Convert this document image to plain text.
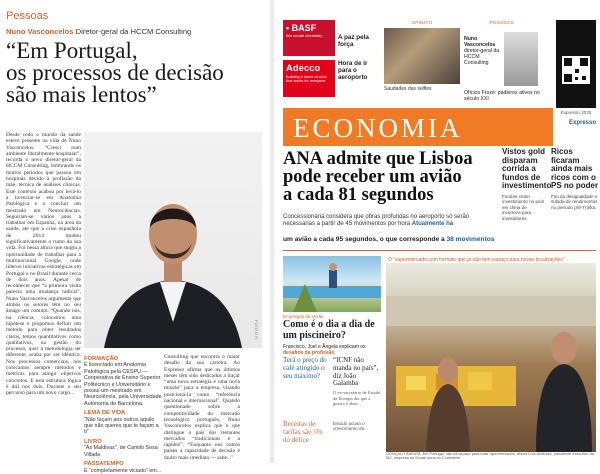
Pessoas
Nuno Vasconcelos Diretor-geral da HCCM Consulting
“Em Portugal,
os processos de decisão
são mais lentos”

Desde cedo o mundo da saúde esteve presente na vida de Nuno Vasconcelos. “Cresci num ambiente literalmente hospitalar”, recorda o novo diretor-geral da HCCM Consulting, lembrando os muitos períodos que passou em hospitais devido à profissão da mãe, técnica de análises clínicas. Este contexto acabou por levá-lo a licenciar-se em Anatomia Patológica e a concluir um mestrado em Neurociências. Seguiram-se vários anos a trabalhar em Espanha, na área da saúde, até que a crise espanhola de 2014 mudou significativamente o rumo da sua vida. Foi nessa altura que surgiu a oportunidade de trabalhar para a multinacional Google, onde liderou iniciativas estratégicas em Portugal e no Brasil durante cerca de dois anos. Apesar de reconhecer que “a primeira visita parecia uma mudança radical”, Nuno Vasconcelos argumenta que ambos os setores têm no seu âmago um comum. “Quando nós, na ciência, colocamos uma hipótese e propomos definir um método para obter resultados claros, temos quantitativos como qualitativos, na gestão do processo, quer a metodologia ser diferente, acaba por ser idêntico. Nos processos comerciais, nós colocamos sempre métodos e métricas para atingir objetivos concretos. E esta estrutura lógica é útil nos dois. Durante o seu percurso para um novo cargo...

FOTO D.R.
FORMAÇÃO

É licenciado em Anatomia Patológica pela CESPU — Cooperativa de Ensino Superior Politécnico e Universitário e possui um mestrado em Neurociência, pela Universidade Autónoma de Barcelona.

LEMA DE VIDA

“Não façam aos outros aquilo que não queres que te façam a ti”

LIVRO

“As Maldivas”, de Camilo Sosa Villada

PASSATEMPO

É “completamente viciado” em...

Consulting que encontra o maior desafio da sua carreira. Ao Expresso afirma que os últimos meses têm sido dedicados a traçar “uma nova estratégia e uma nova missão” para a empresa, visando posicioná-la como “referência nacional e internacional”. Quando questionado sobre a competitividade do mercado tecnológico português, Nuno Vasconcelos explica que o que distingue o país dos restantes mercados “tradicionais é a rapidez”. “Enquanto nos outros países a capacidade de decisão é muito mais imediata — sabe...”

• BASF
We create chemistry
Adecco
Building a future of work that works for everyone
A paz pela força
Hora de ir para o aeroporto
OPINIÃO
Saudades das selfies
PESSOAS
Nuno Vasconcelos
diretor-geral da HCCM Consulting
Ofícios Frozé: padeiros ativos no século XXI
Expresso 2025
ECONOMIA	Expresso
ANA admite que Lisboa
pode receber um avião
a cada 81 segundos
Concessionária considera que obras profundas no aeroporto só serão necessárias a partir de 45 movimentos por hora Atualmente há
um avião a cada 95 segundos, o que corresponde a 38 movimentos
Vistos gold disparam corrida a fundos de investimento

Fundos criam investimento no país em clima de incerteza para investidores.

Ricos ficaram ainda mais ricos com o PS no poder

Fim da desigualdade e subida de rendimentos no período pré-Troika.

Empregos de Verão
Como é o dia a dia de um piscineiro?
Francisco, Joel e Ângela explicam os desafios da profissão
Terá o preço do café atingido o seu máximo?
“ICNF não manda no país”, diz João Galamba

O ex-secretário de Estado da Energia diz que a guerra é abrir...

Receitas de tarifas são 5% do défice
Estudo acusa o crescimento de...
O “supermercado com formato que já não tem espaço para novas localizações”
GONÇALO BARATA: Em Portugal, não há espaço para mais hipermercados, afirma Luís Abrantes, presidente executivo da MC, empresa do Sonae dona do Continente.
